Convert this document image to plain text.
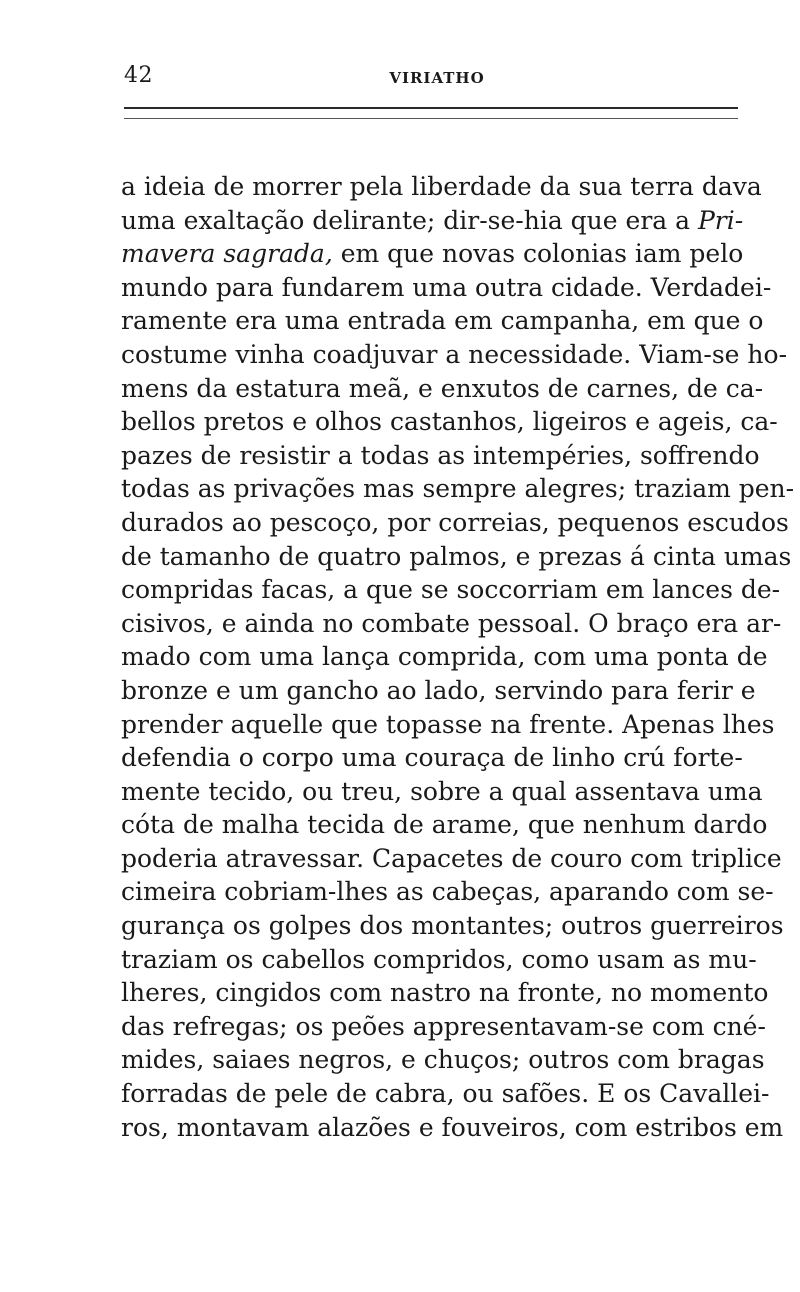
42	VIRIATHO
a ideia de morrer pela liberdade da sua terra dava
uma exaltação delirante; dir-se-hia que era a Pri-
mavera sagrada, em que novas colonias iam pelo
mundo para fundarem uma outra cidade. Verdadei-
ramente era uma entrada em campanha, em que o
costume vinha coadjuvar a necessidade. Viam-se ho-
mens da estatura meã, e enxutos de carnes, de ca-
bellos pretos e olhos castanhos, ligeiros e ageis, ca-
pazes de resistir a todas as intempéries, soffrendo
todas as privações mas sempre alegres; traziam pen-
durados ao pescoço, por correias, pequenos escudos
de tamanho de quatro palmos, e prezas á cinta umas
compridas facas, a que se soccorriam em lances de-
cisivos, e ainda no combate pessoal. O braço era ar-
mado com uma lança comprida, com uma ponta de
bronze e um gancho ao lado, servindo para ferir e
prender aquelle que topasse na frente. Apenas lhes
defendia o corpo uma couraça de linho crú forte-
mente tecido, ou treu, sobre a qual assentava uma
cóta de malha tecida de arame, que nenhum dardo
poderia atravessar. Capacetes de couro com triplice
cimeira cobriam-lhes as cabeças, aparando com se-
gurança os golpes dos montantes; outros guerreiros
traziam os cabellos compridos, como usam as mu-
lheres, cingidos com nastro na fronte, no momento
das refregas; os peões appresentavam-se com cné-
mides, saiaes negros, e chuços; outros com bragas
forradas de pele de cabra, ou safões. E os Cavallei-
ros, montavam alazões e fouveiros, com estribos em
